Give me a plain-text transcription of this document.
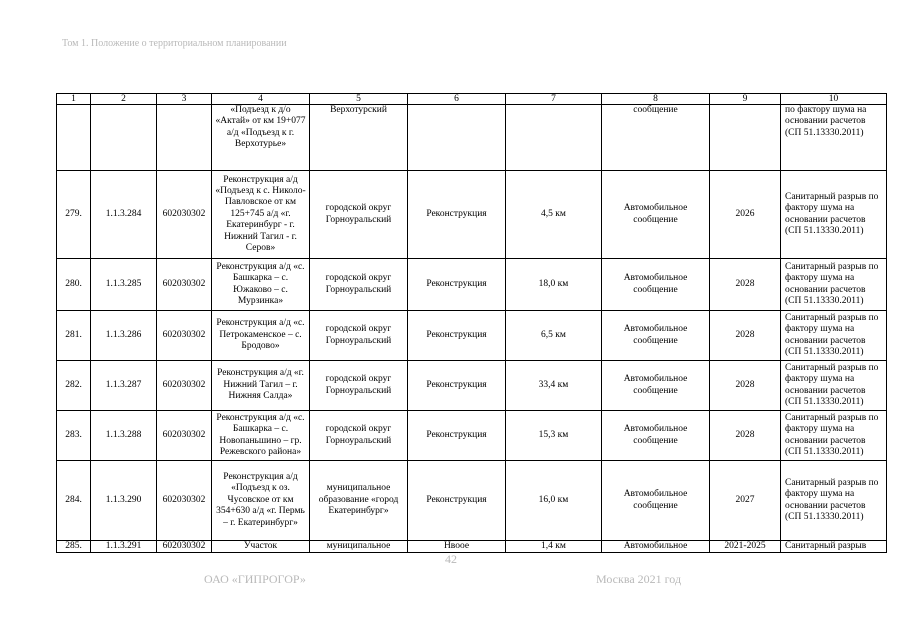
Том 1. Положение о территориальном планировании
1	2	3	4	5	6	7	8	9	10
			«Подъезд к д/о «Актай» от км 19+077 а/д «Подъезд к г. Верхотурье»	Верхотурский			сообщение		по фактору шума на основании расчетов (СП 51.13330.2011)
279.	1.1.3.284	602030302	Реконструкция а/д «Подъезд к с. Николо-Павловское от км 125+745 а/д «г. Екатеринбург - г. Нижний Тагил - г. Серов»	городской округ Горноуральский	Реконструкция	4,5 км	Автомобильное сообщение	2026	Санитарный разрыв по фактору шума на основании расчетов (СП 51.13330.2011)
280.	1.1.3.285	602030302	Реконструкция а/д «с. Башкарка – с. Южаково – с. Мурзинка»	городской округ Горноуральский	Реконструкция	18,0 км	Автомобильное сообщение	2028	Санитарный разрыв по фактору шума на основании расчетов (СП 51.13330.2011)
281.	1.1.3.286	602030302	Реконструкция а/д «с. Петрокаменское – с. Бродово»	городской округ Горноуральский	Реконструкция	6,5 км	Автомобильное сообщение	2028	Санитарный разрыв по фактору шума на основании расчетов (СП 51.13330.2011)
282.	1.1.3.287	602030302	Реконструкция а/д «г. Нижний Тагил – г. Нижняя Салда»	городской округ Горноуральский	Реконструкция	33,4 км	Автомобильное сообщение	2028	Санитарный разрыв по фактору шума на основании расчетов (СП 51.13330.2011)
283.	1.1.3.288	602030302	Реконструкция а/д «с. Башкарка – с. Новопаньшино – гр. Режевского района»	городской округ Горноуральский	Реконструкция	15,3 км	Автомобильное сообщение	2028	Санитарный разрыв по фактору шума на основании расчетов (СП 51.13330.2011)
284.	1.1.3.290	602030302	Реконструкция а/д «Подъезд к оз. Чусовское от км 354+630 а/д «г. Пермь – г. Екатеринбург»	муниципальное образование «город Екатеринбург»	Реконструкция	16,0 км	Автомобильное сообщение	2027	Санитарный разрыв по фактору шума на основании расчетов (СП 51.13330.2011)
285.	1.1.3.291	602030302	Участок	муниципальное	Нвоое	1,4 км	Автомобильное	2021-2025	Санитарный разрыв
42
ОАО «ГИПРОГОР»	Москва 2021 год
